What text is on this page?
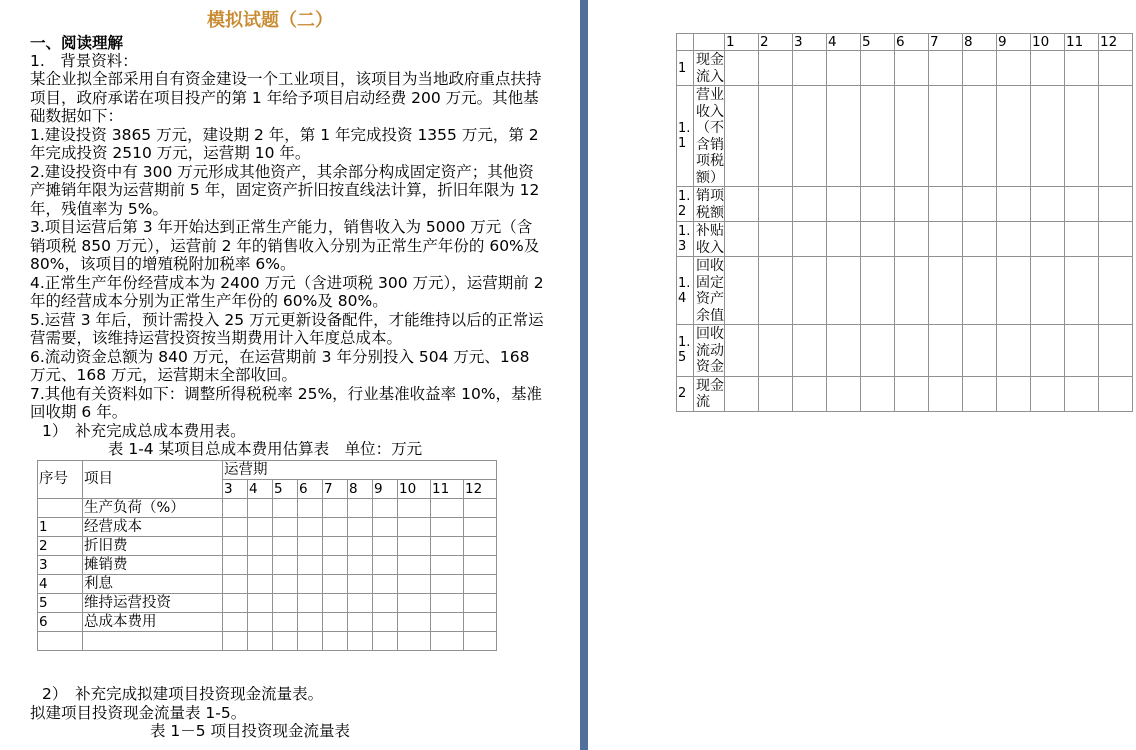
模拟试题（二）
一、阅读理解
1.　背景资料：
某企业拟全部采用自有资金建设一个工业项目，该项目为当地政府重点扶持项目，政府承诺在项目投产的第 1 年给予项目启动经费 200 万元。其他基础数据如下：
1.建设投资 3865 万元，建设期 2 年，第 1 年完成投资 1355 万元，第 2 年完成投资 2510 万元，运营期 10 年。
2.建设投资中有 300 万元形成其他资产，其余部分构成固定资产；其他资产摊销年限为运营期前 5 年，固定资产折旧按直线法计算，折旧年限为 12 年，残值率为 5%。
3.项目运营后第 3 年开始达到正常生产能力，销售收入为 5000 万元（含销项税 850 万元），运营前 2 年的销售收入分别为正常生产年份的 60%及 80%，该项目的增殖税附加税率 6%。
4.正常生产年份经营成本为 2400 万元（含进项税 300 万元），运营期前 2 年的经营成本分别为正常生产年份的 60%及 80%。
5.运营 3 年后，预计需投入 25 万元更新设备配件，才能维持以后的正常运营需要，该维持运营投资按当期费用计入年度总成本。
6.流动资金总额为 840 万元，在运营期前 3 年分别投入 504 万元、168 万元、168 万元，运营期末全部收回。
7.其他有关资料如下：调整所得税税率 25%，行业基准收益率 10%，基准回收期 6 年。
1）　补充完成总成本费用表。
表 1-4 某项目总成本费用估算表　单位：万元
序号	项目	运营期									
		3	4	5	6	7	8	9	10	11	12
	生产负荷（%）										
1	经营成本										
2	折旧费										
3	摊销费										
4	利息										
5	维持运营投资										
6	总成本费用										

2）　补充完成拟建项目投资现金流量表。
拟建项目投资现金流量表 1-5。
表 1－5 项目投资现金流量表
		1	2	3	4	5	6	7	8	9	10	11	12
1	现金流入												
1.1	营业收入（不含销项税额）												
1.2	销项税额												
1.3	补贴收入												
1.4	回收固定资产余值												
1.5	回收流动资金												
2	现金流												
